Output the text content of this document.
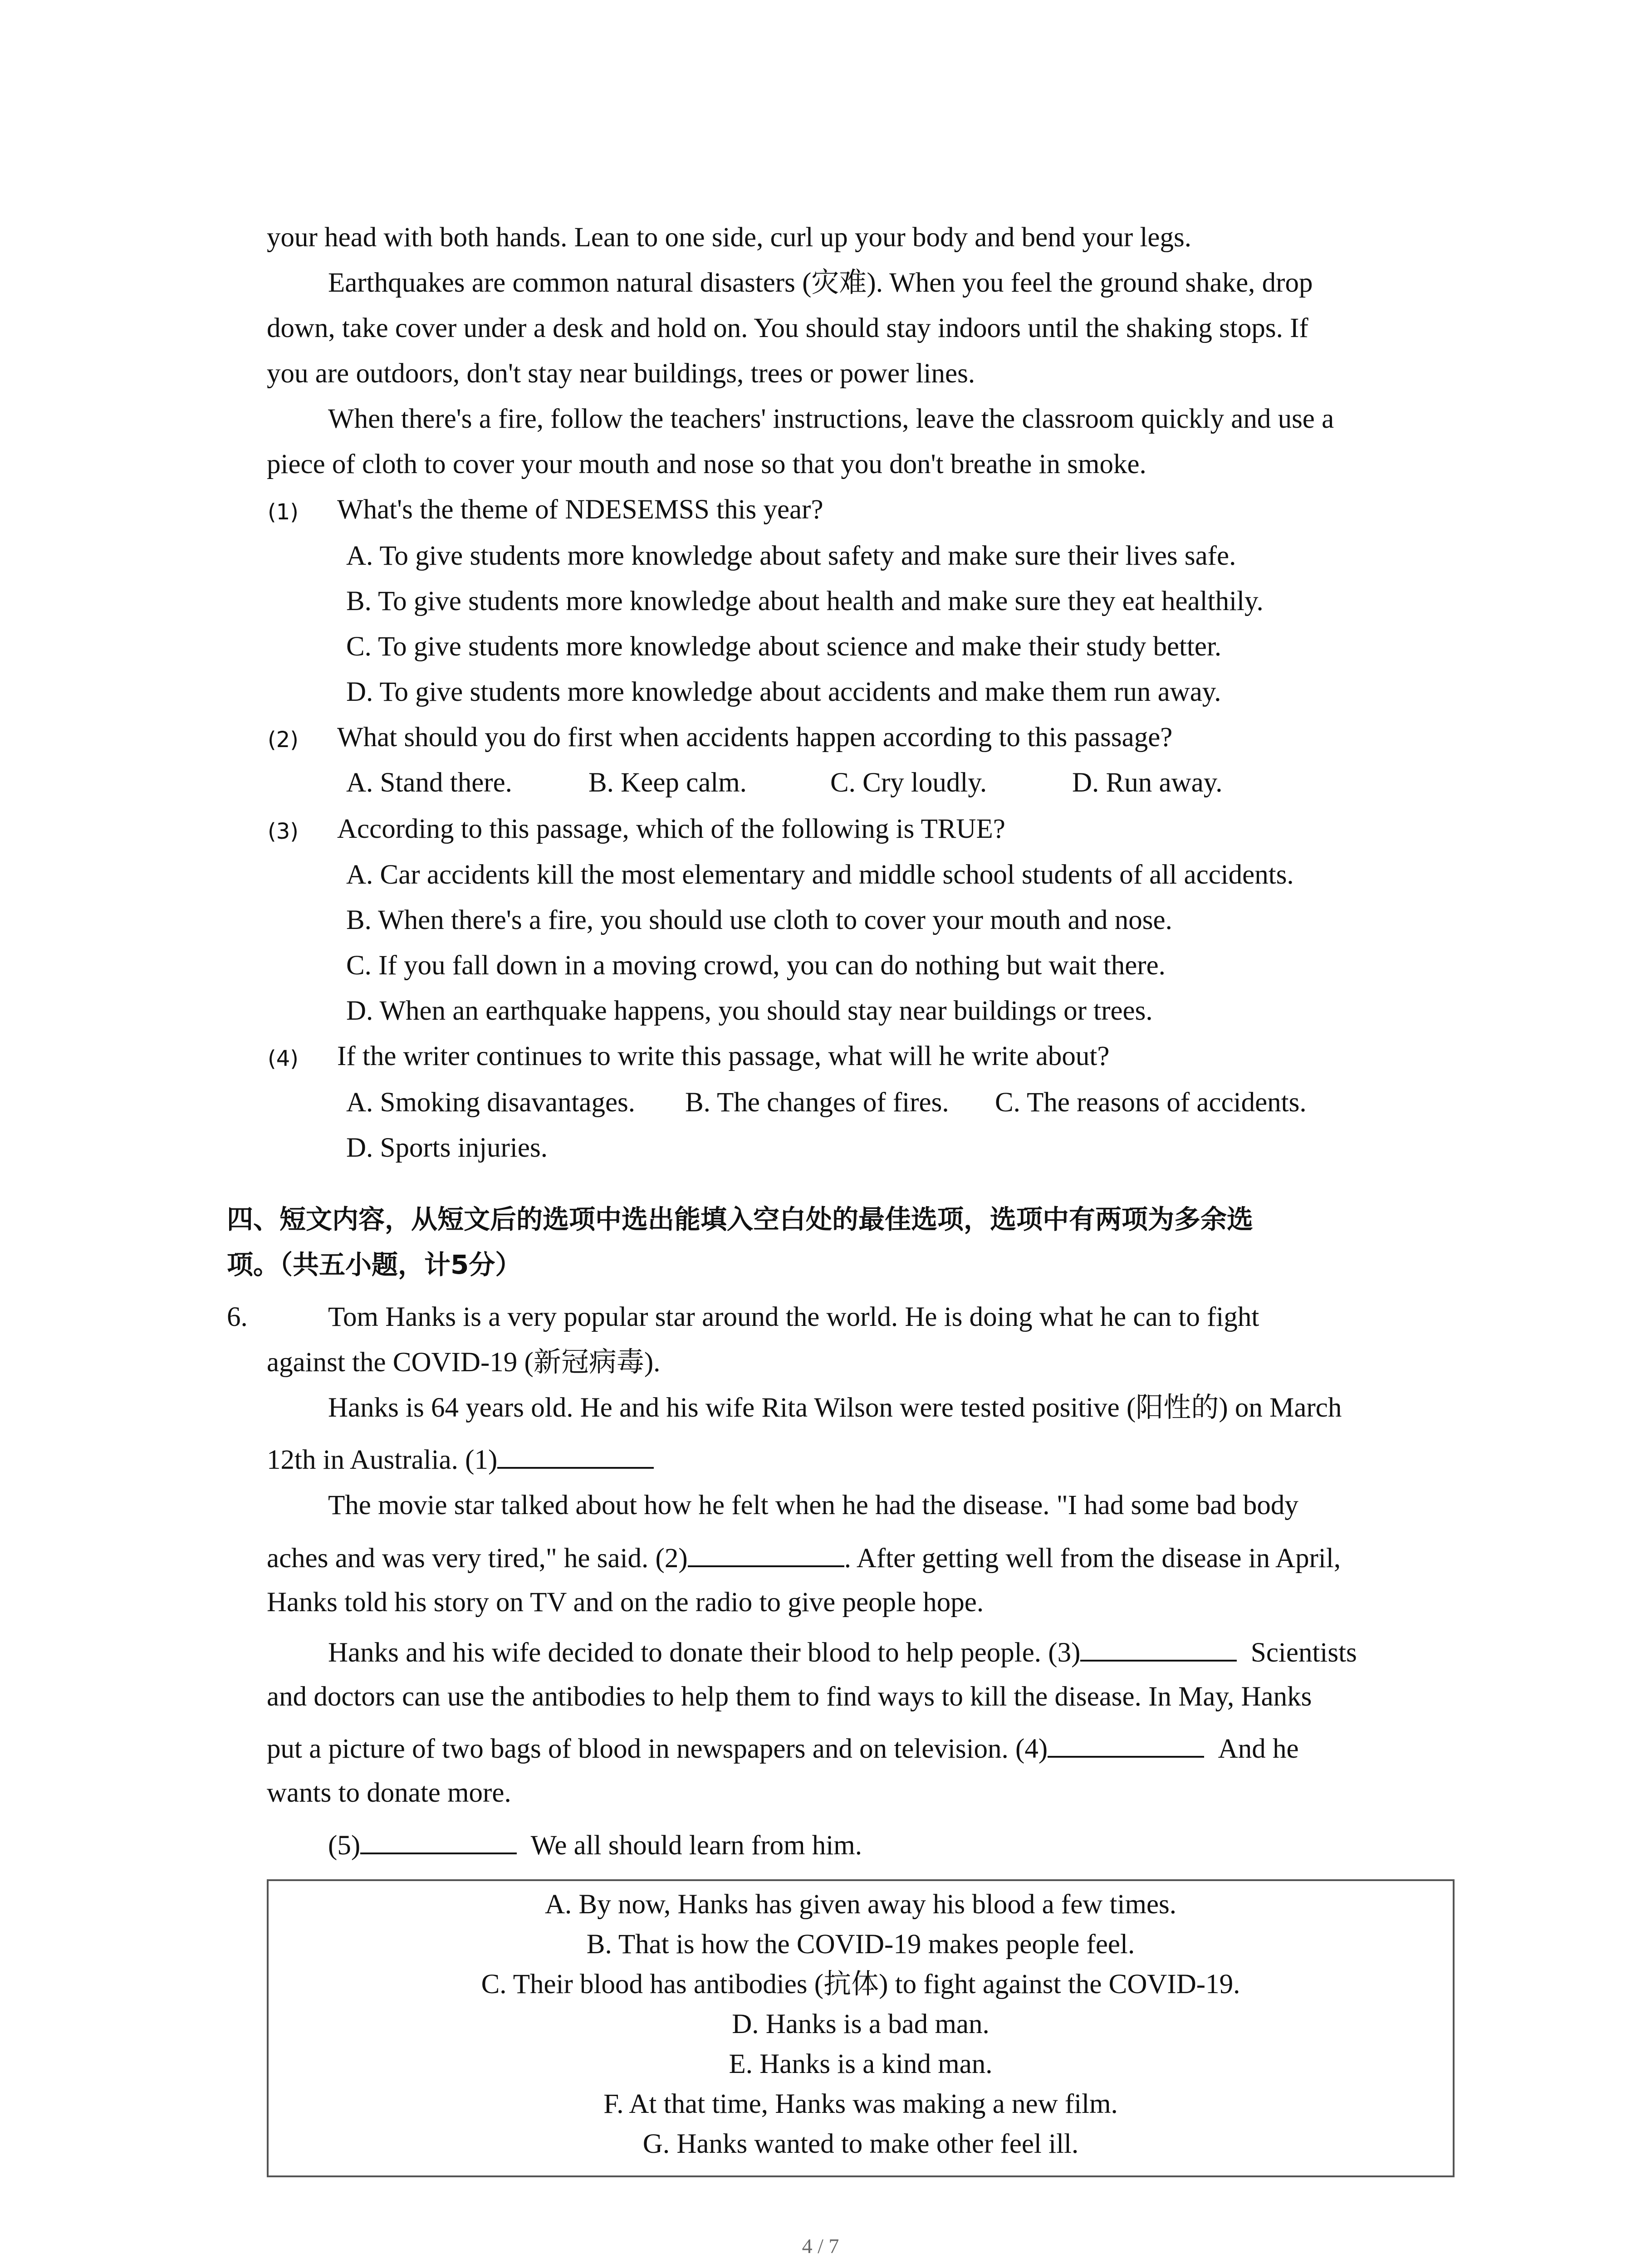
your head with both hands. Lean to one side, curl up your body and bend your legs.
Earthquakes are common natural disasters (灾难). When you feel the ground shake, drop
down, take cover under a desk and hold on. You should stay indoors until the shaking stops. If
you are outdoors, don't stay near buildings, trees or power lines.
When there's a fire, follow the teachers' instructions, leave the classroom quickly and use a
piece of cloth to cover your mouth and nose so that you don't breathe in smoke.
(1) What's the theme of NDESEMSS this year?
A. To give students more knowledge about safety and make sure their lives safe.
B. To give students more knowledge about health and make sure they eat healthily.
C. To give students more knowledge about science and make their study better.
D. To give students more knowledge about accidents and make them run away.
(2) What should you do first when accidents happen according to this passage?
A. Stand there.	B. Keep calm.	C. Cry loudly.	D. Run away.
(3) According to this passage, which of the following is TRUE?
A. Car accidents kill the most elementary and middle school students of all accidents.
B. When there's a fire, you should use cloth to cover your mouth and nose.
C. If you fall down in a moving crowd, you can do nothing but wait there.
D. When an earthquake happens, you should stay near buildings or trees.
(4) If the writer continues to write this passage, what will he write about?
A. Smoking disavantages. B. The changes of fires. C. The reasons of accidents.
D. Sports injuries.
四、短文内容，从短文后的选项中选出能填入空白处的最佳选项，选项中有两项为多余选
项。（共五小题，计5分）
6.	Tom Hanks is a very popular star around the world. He is doing what he can to fight
against the COVID-19 (新冠病毒).
Hanks is 64 years old. He and his wife Rita Wilson were tested positive (阳性的) on March
12th in Australia. (1)
The movie star talked about how he felt when he had the disease. "I had some bad body
aches and was very tired," he said. (2)	. After getting well from the disease in April,
Hanks told his story on TV and on the radio to give people hope.
Hanks and his wife decided to donate their blood to help people. (3)	Scientists
and doctors can use the antibodies to help them to find ways to kill the disease. In May, Hanks
put a picture of two bags of blood in newspapers and on television. (4)	And he
wants to donate more.
(5)	We all should learn from him.
A. By now, Hanks has given away his blood a few times.
B. That is how the COVID-19 makes people feel.
C. Their blood has antibodies (抗体) to fight against the COVID-19.
D. Hanks is a bad man.
E. Hanks is a kind man.
F. At that time, Hanks was making a new film.
G. Hanks wanted to make other feel ill.
4 / 7
